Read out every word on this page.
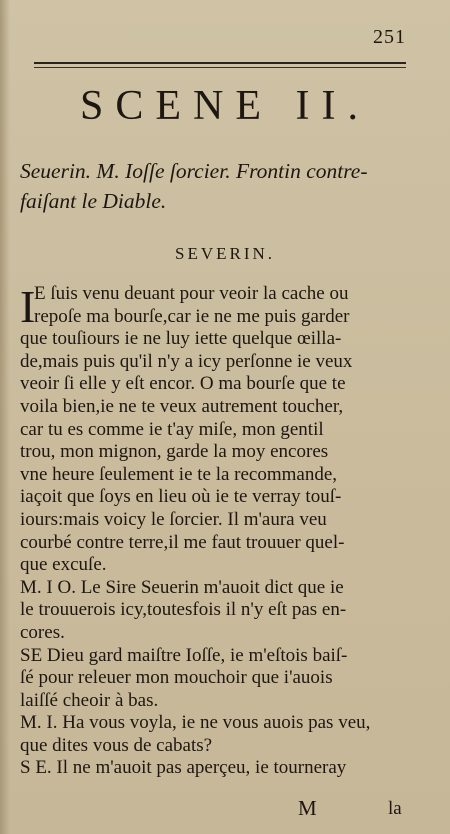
251
SCENE II.
Seuerin. M. Ioſſe ſorcier. Frontin contre-
faiſant le Diable.
SEVERIN.
I
E ſuis venu deuant pour veoir la cache ou
repoſe ma bourſe,car ie ne me puis garder
que touſiours ie ne luy iette quelque œilla-
de,mais puis qu'il n'y a icy perſonne ie veux
veoir ſi elle y eſt encor. O ma bourſe que te
voila bien,ie ne te veux autrement toucher,
car tu es comme ie t'ay miſe, mon gentil
trou, mon mignon, garde la moy encores
vne heure ſeulement ie te la recommande,
iaçoit que ſoys en lieu où ie te verray touſ-
iours:mais voicy le ſorcier. Il m'aura veu
courbé contre terre,il me faut trouuer quel-
que excuſe.
M. I O. Le Sire Seuerin m'auoit dict que ie
le trouuerois icy,toutesfois il n'y eſt pas en-
cores.
SE Dieu gard maiſtre Ioſſe, ie m'eſtois baiſ-
ſé pour releuer mon mouchoir que i'auois
laiſſé cheoir à bas.
M. I. Ha vous voyla, ie ne vous auois pas veu,
que dites vous de cabats?
S E. Il ne m'auoit pas aperçeu, ie tourneray
M	la
